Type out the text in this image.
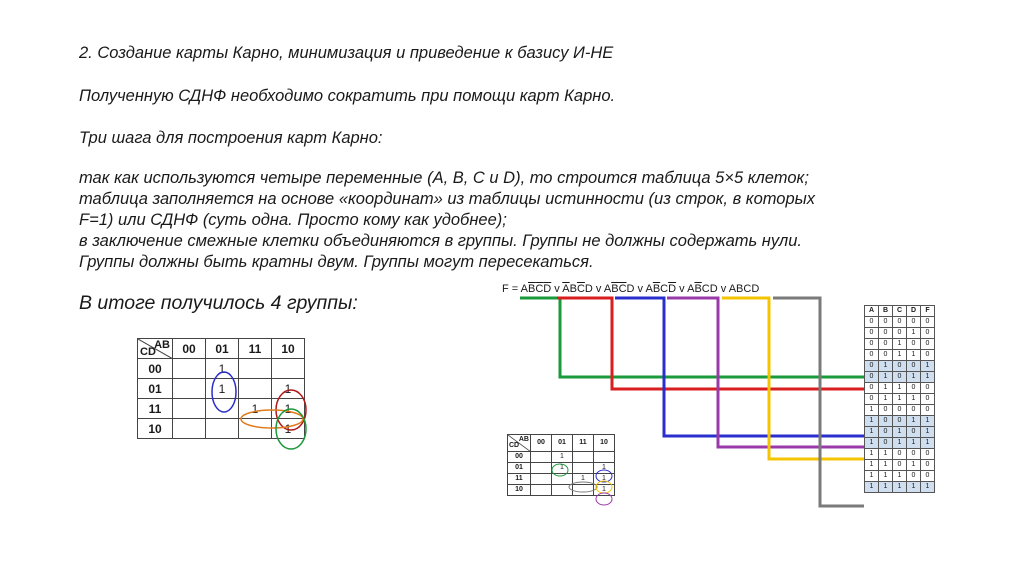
2. Создание карты Карно, минимизация и приведение к базису И-НЕ

Полученную СДНФ необходимо сократить при помощи карт Карно.

Три шага для построения карт Карно:

так как используются четыре переменные (A, B, C и D), то строится таблица 5×5 клеток;
таблица заполняется на основе «координат» из таблицы истинности (из строк, в которых
F=1) или СДНФ (суть одна. Просто кому как удобнее);
в заключение смежные клетки объединяются в группы. Группы не должны содержать нули.
Группы должны быть кратны двум. Группы могут пересекаться.

В итоге получилось 4 группы:
AB
CD	00	01	11	10
00		1		
01		1		1
11			1	1
10				1
AB
CD	00	01	11	10
00		1		
01		1		1
11			1	1
10				1
$F = A\overline{B}\overline{C}\overline{D}$ v $\overline{A}B\overline{C}D$ v $A\overline{B}\overline{C}D$ v $A\overline{B}C\overline{D}$ v $A\overline{B}CD$ v ABCD
A	B	C	D	F
0	0	0	0	0
0	0	0	1	0
0	0	1	0	0
0	0	1	1	0
0	1	0	0	1
0	1	0	1	1
0	1	1	0	0
0	1	1	1	0
1	0	0	0	0
1	0	0	1	1
1	0	1	0	1
1	0	1	1	1
1	1	0	0	0
1	1	0	1	0
1	1	1	0	0
1	1	1	1	1
